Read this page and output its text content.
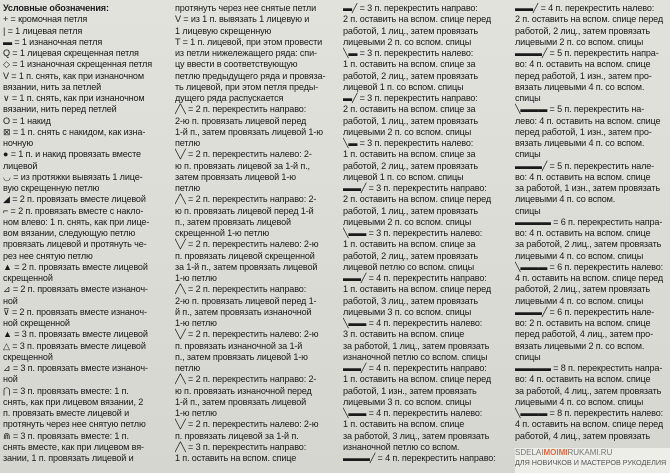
Условные обозначения:
+ = кромочная петля
| = 1 лицевая петля
▬ = 1 изнаночная петля
Q = 1 лицевая скрещенная петля
◇ = 1 изнаночная скрещенная петля
V = 1 п. снять, как при изнаночном
вязании, нить за петлей
∨ = 1 п. снять, как при изнаночном
вязании, нить перед петлей
O = 1 накид
⊠ = 1 п. снять с накидом, как изна-
ночную
● = 1 п. и накид провязать вместе
лицевой
◡ = из протяжки вывязать 1 лице-
вую скрещенную петлю
◢ = 2 п. провязать вместе лицевой
⌐ = 2 п. провязать вместе с накло-
ном влево: 1 п. снять, как при лице-
вом вязании, следующую петлю
провязать лицевой и протянуть че-
рез нее снятую петлю
▲ = 2 п. провязать вместе лицевой
скрещенной
⊿ = 2 п. провязать вместе изнаноч-
ной
⊽ = 2 п. провязать вместе изнаноч-
ной скрещенной
▲ = 3 п. провязать вместе лицевой
△ = 3 п. провязать вместе лицевой
скрещенной
⊿ = 3 п. провязать вместе изнаноч-
ной
⋂ = 3 п. провязать вместе: 1 п.
снять, как при лицевом вязании, 2
п. провязать вместе лицевой и
протянуть через нее снятую петлю
⋒ = 3 п. провязать вместе: 1 п.
снять вместе, как при лицевом вя-
зании, 1 п. провязать лицевой и
протянуть через нее снятые петли
V = из 1 п. вывязать 1 лицевую и
1 лицевую скрещенную
T = 1 п. лицевой, при этом провести
из петли нижележащего ряда: спи-
цу ввести в соответствующую
петлю предыдущего ряда и провяза-
ть лицевой, при этом петля преды-
дущего ряда распускается
╱╲ = 2 п. перекрестить направо:
2-ю п. провязать лицевой перед
1-й п., затем провязать лицевой 1-ю
петлю
╲╱ = 2 п. перекрестить налево: 2-
ю п. провязать лицевой за 1-й п.,
затем провязать лицевой 1-ю
петлю
╱╲ = 2 п. перекрестить направо: 2-
ю п. провязать лицевой перед 1-й
п., затем провязать лицевой
скрещенной 1-ю петлю
╲╱ = 2 п. перекрестить налево: 2-ю
п. провязать лицевой скрещенной
за 1-й п., затем провязать лицевой
1-ю петлю
╱╲ = 2 п. перекрестить направо:
2-ю п. провязать лицевой перед 1-
й п., затем провязать изнаночной
1-ю петлю
╲╱ = 2 п. перекрестить налево: 2-ю
п. провязать изнаночной за 1-й
п., затем провязать лицевой 1-ю
петлю
╱╲ = 2 п. перекрестить направо: 2-
ю п. провязать изнаночной перед
1-й п., затем провязать лицевой
1-ю петлю
╲╱ = 2 п. перекрестить налево: 2-ю
п. провязать лицевой за 1-й п.
╱╲ = 3 п. перекрестить направо:
1 п. оставить на вспом. спице
▬╱ = 3 п. перекрестить направо:
2 п. оставить на вспом. спице перед
работой, 1 лиц., затем провязать
лицевыми 2 п. со вспом. спицы
╲▬ = 3 п. перекрестить налево:
1 п. оставить на вспом. спице за
работой, 2 лиц., затем провязать
лицевой 1 п. со вспом. спицы
▬╱ = 3 п. перекрестить направо:
2 п. оставить на вспом. спице за
работой, 1 лиц., затем провязать
лицевыми 2 п. со вспом. спицы
╲▬ = 3 п. перекрестить налево:
1 п. оставить на вспом. спице за
работой, 2 лиц., затем провязать
лицевой 1 п. со вспом. спицы
▬▬╱ = 3 п. перекрестить направо:
2 п. оставить на вспом. спице перед
работой, 1 лиц., затем провязать
лицевыми 2 п. со вспом. спицы
╲▬▬ = 3 п. перекрестить налево:
1 п. оставить на вспом. спице за
работой, 2 лиц., затем провязать
лицевой петлю со вспом. спицы
▬▬╱ = 4 п. перекрестить направо:
1 п. оставить на вспом. спице перед
работой, 3 лиц., затем провязать
лицевыми 3 п. со вспом. спицы
╲▬▬ = 4 п. перекрестить налево:
3 п. оставить на вспом. спице
за работой, 1 лиц., затем провязать
изнаночной петлю со вспом. спицы
▬▬╱ = 4 п. перекрестить направо:
1 п. оставить на вспом. спице перед
работой, 1 изн., затем провязать
лицевыми 3 п. со вспом. спицы
╲▬▬ = 4 п. перекрестить налево:
1 п. оставить на вспом. спице
за работой, 3 лиц., затем провязать
изнаночной петлю со вспом.
▬▬▬╱ = 4 п. перекрестить направо:
▬▬╱ = 4 п. перекрестить налево:
2 п. оставить на вспом. спице перед
работой, 2 лиц., затем провязать
лицевыми 2 п. со вспом. спицы
▬▬▬╱ = 5 п. перекрестить напра-
во: 4 п. оставить на вспом. спице
перед работой, 1 изн., затем про-
вязать лицевыми 4 п. со вспом.
спицы
╲▬▬▬ = 5 п. перекрестить на-
лево: 4 п. оставить на вспом. спице
перед работой, 1 изн., затем про-
вязать лицевыми 4 п. со вспом.
спицы
▬▬▬╱ = 5 п. перекрестить нале-
во: 4 п. оставить на вспом. спице
за работой, 1 изн., затем провязать
лицевыми 4 п. со вспом.
спицы
▬▬▬▬ = 6 п. перекрестить напра-
во: 4 п. оставить на вспом. спице
за работой, 2 лиц., затем провязать
лицевыми 4 п. со вспом. спицы
╲▬▬▬ = 6 п. перекрестить налево:
4 п. оставить на вспом. спице перед
работой, 2 лиц., затем провязать
лицевыми 4 п. со вспом. спицы
▬▬▬╱ = 6 п. перекрестить нале-
во: 2 п. оставить на вспом. спице
перед работой, 4 лиц., затем про-
вязать лицевыми 2 п. со вспом.
спицы
▬▬▬▬ = 8 п. перекрестить напра-
во: 4 п. оставить на вспом. спице
за работой, 4 лиц., затем провязать
лицевыми 4 п. со вспом. спицы
╲▬▬▬ = 8 п. перекрестить налево:
4 п. оставить на вспом. спице перед
работой, 4 лиц., затем провязать
SDELAIMOIMIRUKAMI.RU
ДЛЯ НОВИЧКОВ И МАСТЕРОВ РУКОДЕЛИЯ
